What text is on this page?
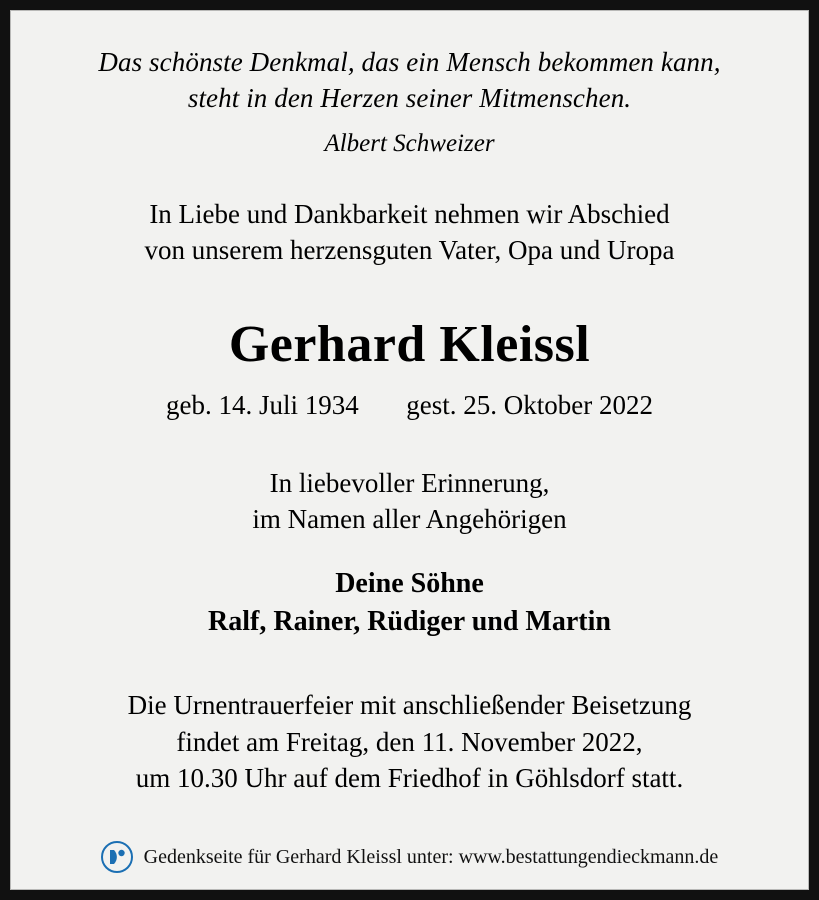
Das schönste Denkmal, das ein Mensch bekommen kann,
steht in den Herzen seiner Mitmenschen.
Albert Schweizer
In Liebe und Dankbarkeit nehmen wir Abschied
von unserem herzensguten Vater, Opa und Uropa
Gerhard Kleissl
geb. 14. Juli 1934 gest. 25. Oktober 2022
In liebevoller Erinnerung,
im Namen aller Angehörigen
Deine Söhne
Ralf, Rainer, Rüdiger und Martin
Die Urnentrauerfeier mit anschließender Beisetzung
findet am Freitag, den 11. November 2022,
um 10.30 Uhr auf dem Friedhof in Göhlsdorf statt.
Gedenkseite für Gerhard Kleissl unter: www.bestattungendieckmann.de
